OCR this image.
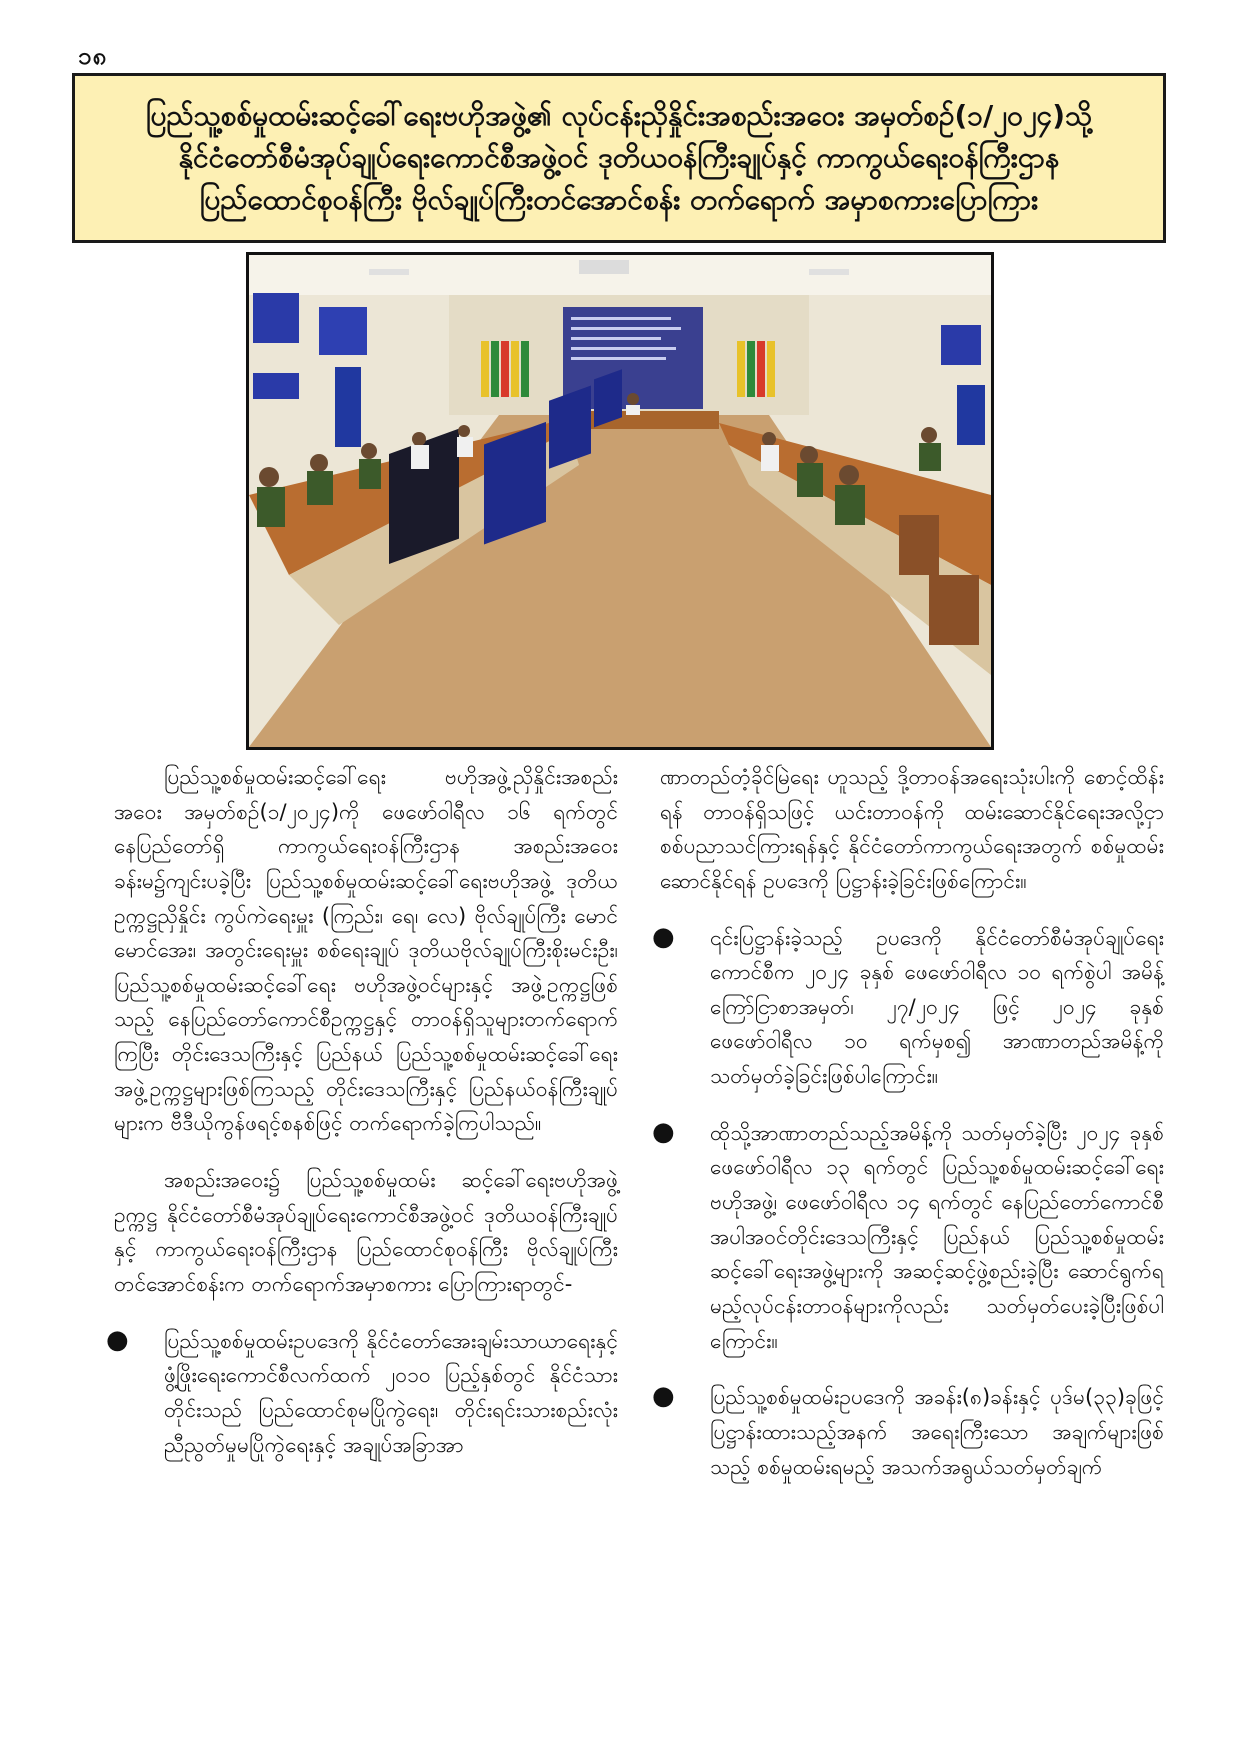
၁၈
ပြည်သူ့စစ်မှုထမ်းဆင့်ခေါ်ရေးဗဟိုအဖွဲ့၏ လုပ်ငန်းညှိနှိုင်းအစည်းအဝေး အမှတ်စဉ်(၁/၂၀၂၄)သို့
နိုင်ငံတော်စီမံအုပ်ချုပ်ရေးကောင်စီအဖွဲ့ဝင် ဒုတိယဝန်ကြီးချုပ်နှင့် ကာကွယ်ရေးဝန်ကြီးဌာန
ပြည်ထောင်စုဝန်ကြီး ဗိုလ်ချုပ်ကြီးတင်အောင်စန်း တက်ရောက် အမှာစကားပြောကြား

ပြည်သူ့စစ်မှုထမ်းဆင့်ခေါ်ရေး ဗဟိုအဖွဲ့ညှိနှိုင်းအစည်း အဝေး အမှတ်စဉ်(၁/၂၀၂၄)ကို ဖေဖော်ဝါရီလ ၁၆ ရက်တွင် နေပြည်တော်ရှိ ကာကွယ်ရေးဝန်ကြီးဌာန အစည်းအဝေးခန်းမ၌ကျင်းပခဲ့ပြီး ပြည်သူ့စစ်မှုထမ်းဆင့်ခေါ်ရေးဗဟိုအဖွဲ့ ဒုတိယဥက္ကဋ္ဌညှိနှိုင်း ကွပ်ကဲရေးမှူး (ကြည်း၊ ရေ၊ လေ) ဗိုလ်ချုပ်ကြီး မောင်မောင်အေး၊ အတွင်းရေးမှူး စစ်ရေးချုပ် ဒုတိယဗိုလ်ချုပ်ကြီးစိုးမင်းဦး၊ ပြည်သူ့စစ်မှုထမ်းဆင့်ခေါ်ရေး ဗဟိုအဖွဲ့ဝင်များနှင့် အဖွဲ့ဥက္ကဋ္ဌဖြစ်သည့် နေပြည်တော်ကောင်စီဥက္ကဋ္ဌနှင့် တာဝန်ရှိသူများတက်ရောက်ကြပြီး တိုင်းဒေသကြီးနှင့် ပြည်နယ် ပြည်သူ့စစ်မှုထမ်းဆင့်ခေါ်ရေးအဖွဲ့ဥက္ကဋ္ဌများဖြစ်ကြသည့် တိုင်းဒေသကြီးနှင့် ပြည်နယ်ဝန်ကြီးချုပ်များက ဗီဒီယိုကွန်ဖရင့်စနစ်ဖြင့် တက်ရောက်ခဲ့ကြပါသည်။

အစည်းအဝေး၌ ပြည်သူ့စစ်မှုထမ်း ဆင့်ခေါ်ရေးဗဟိုအဖွဲ့ဥက္ကဋ္ဌ နိုင်ငံတော်စီမံအုပ်ချုပ်ရေးကောင်စီအဖွဲ့ဝင် ဒုတိယဝန်ကြီးချုပ်နှင့် ကာကွယ်ရေးဝန်ကြီးဌာန ပြည်ထောင်စုဝန်ကြီး ဗိုလ်ချုပ်ကြီး တင်အောင်စန်းက တက်ရောက်အမှာစကား ပြောကြားရာတွင်-

● ပြည်သူ့စစ်မှုထမ်းဥပဒေကို နိုင်ငံတော်အေးချမ်းသာယာရေးနှင့် ဖွံ့ဖြိုးရေးကောင်စီလက်ထက် ၂၀၁၀ ပြည့်နှစ်တွင် နိုင်ငံသားတိုင်းသည် ပြည်ထောင်စုမပြိုကွဲရေး၊ တိုင်းရင်းသားစည်းလုံးညီညွတ်မှုမပြိုကွဲရေးနှင့် အချုပ်အခြာအာ

ဏာတည်တံ့ခိုင်မြဲရေး ဟူသည့် ဒို့တာဝန်အရေးသုံးပါးကို စောင့်ထိန်းရန် တာဝန်ရှိသဖြင့် ယင်းတာဝန်ကို ထမ်းဆောင်နိုင်ရေးအလို့ငှာ စစ်ပညာသင်ကြားရန်နှင့် နိုင်ငံတော်ကာကွယ်ရေးအတွက် စစ်မှုထမ်းဆောင်နိုင်ရန် ဥပဒေကို ပြဋ္ဌာန်းခဲ့ခြင်းဖြစ်ကြောင်း။

● ၎င်းပြဋ္ဌာန်းခဲ့သည့် ဥပဒေကို နိုင်ငံတော်စီမံအုပ်ချုပ်ရေးကောင်စီက ၂၀၂၄ ခုနှစ် ဖေဖော်ဝါရီလ ၁၀ ရက်စွဲပါ အမိန့်ကြော်ငြာစာအမှတ်၊ ၂၇/၂၀၂၄ ဖြင့် ၂၀၂၄ ခုနှစ် ဖေဖော်ဝါရီလ ၁၀ ရက်မှစ၍ အာဏာတည်အမိန့်ကို သတ်မှတ်ခဲ့ခြင်းဖြစ်ပါကြောင်း။
● ထိုသို့အာဏာတည်သည့်အမိန့်ကို သတ်မှတ်ခဲ့ပြီး ၂၀၂၄ ခုနှစ် ဖေဖော်ဝါရီလ ၁၃ ရက်တွင် ပြည်သူ့စစ်မှုထမ်းဆင့်ခေါ်ရေးဗဟိုအဖွဲ့၊ ဖေဖော်ဝါရီလ ၁၄ ရက်တွင် နေပြည်တော်ကောင်စီ အပါအဝင်တိုင်းဒေသကြီးနှင့် ပြည်နယ် ပြည်သူ့စစ်မှုထမ်း ဆင့်ခေါ်ရေးအဖွဲ့များကို အဆင့်ဆင့်ဖွဲ့စည်းခဲ့ပြီး ဆောင်ရွက်ရမည့်လုပ်ငန်းတာဝန်များကိုလည်း သတ်မှတ်ပေးခဲ့ပြီးဖြစ်ပါကြောင်း။
● ပြည်သူ့စစ်မှုထမ်းဥပဒေကို အခန်း(၈)ခန်းနှင့် ပုဒ်မ(၃၃)ခုဖြင့် ပြဋ္ဌာန်းထားသည့်အနက် အရေးကြီးသော အချက်များဖြစ်သည့် စစ်မှုထမ်းရမည့် အသက်အရွယ်သတ်မှတ်ချက်
